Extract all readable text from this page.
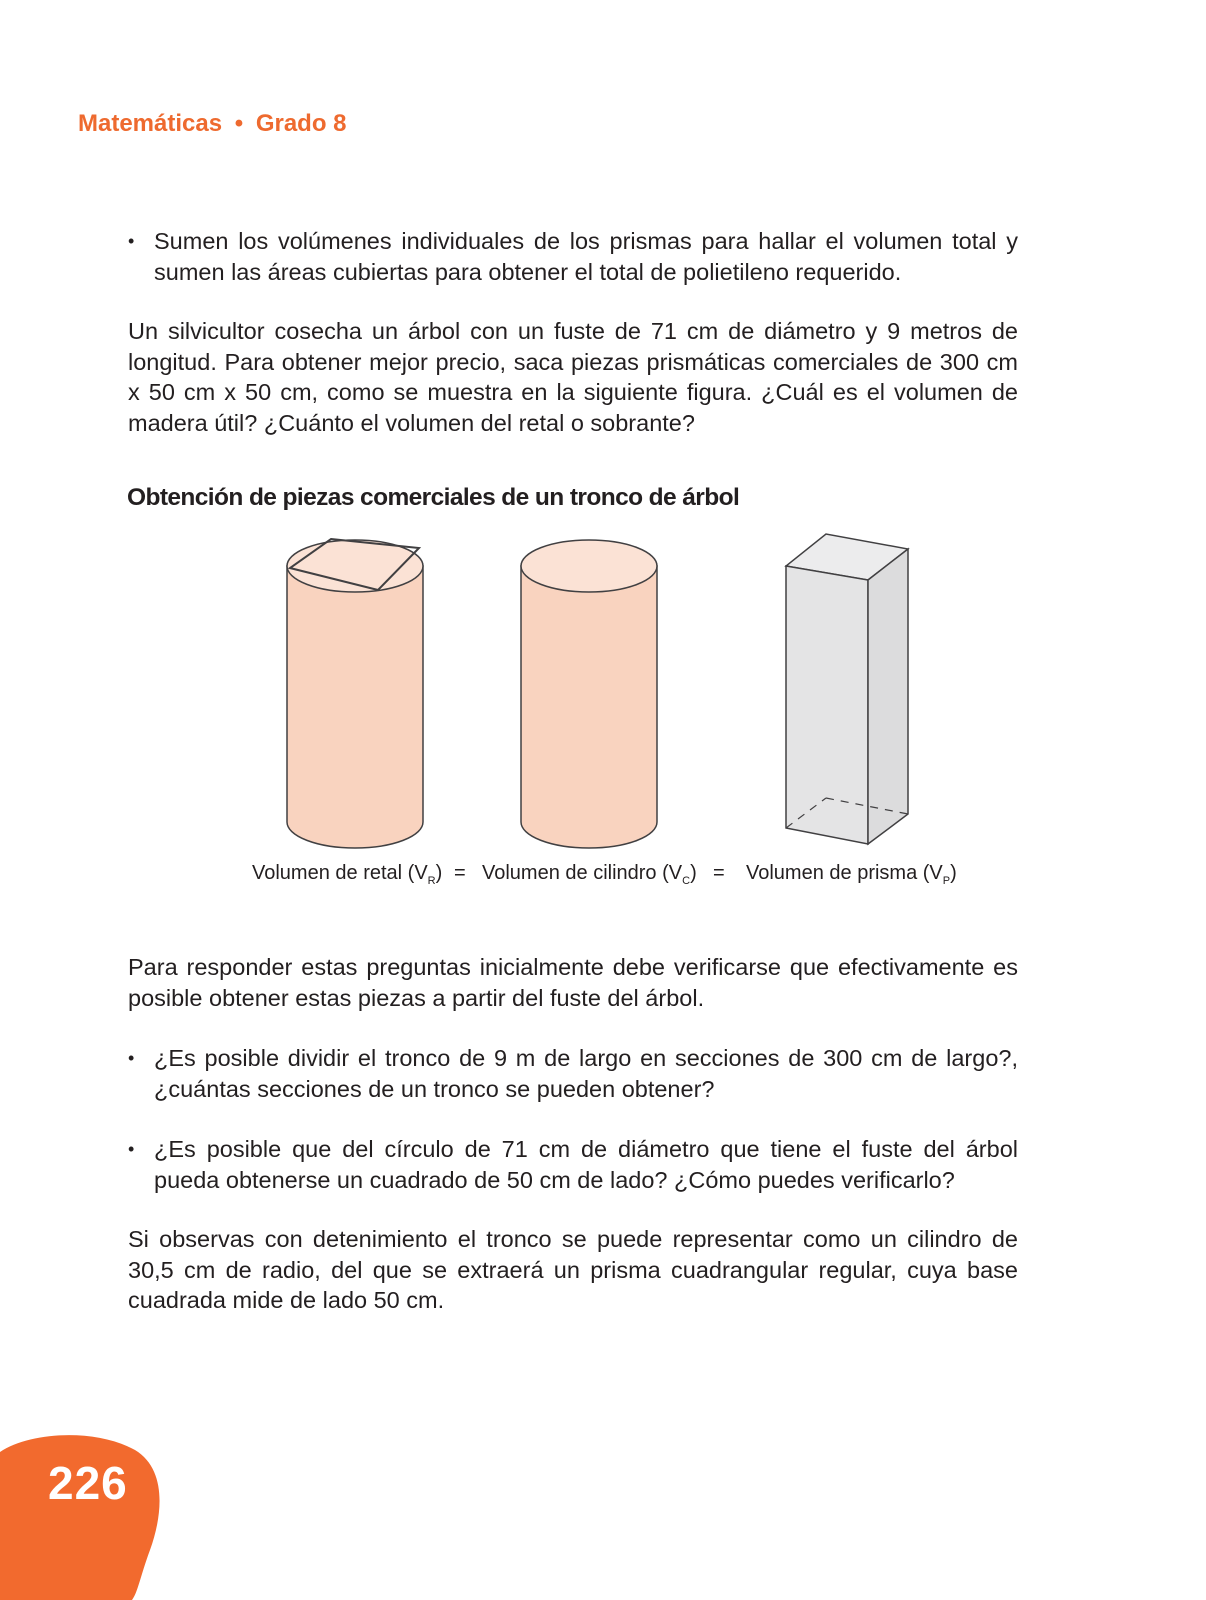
Matemáticas • Grado 8
• Sumen los volúmenes individuales de los prismas para hallar el volumen total y sumen las áreas cubiertas para obtener el total de polietileno requerido.
Un silvicultor cosecha un árbol con un fuste de 71 cm de diámetro y 9 metros de longitud. Para obtener mejor precio, saca piezas prismáticas comerciales de 300 cm x 50 cm x 50 cm, como se muestra en la siguiente figura. ¿Cuál es el volumen de madera útil? ¿Cuánto el volumen del retal o sobrante?
Obtención de piezas comerciales de un tronco de árbol
Volumen de retal $(V_R)$ = Volumen de cilindro $(V_C)$ = Volumen de prisma $(V_P)$
Para responder estas preguntas inicialmente debe verificarse que efectivamente es posible obtener estas piezas a partir del fuste del árbol.
• ¿Es posible dividir el tronco de 9 m de largo en secciones de 300 cm de largo?, ¿cuántas secciones de un tronco se pueden obtener?
• ¿Es posible que del círculo de 71 cm de diámetro que tiene el fuste del árbol pueda obtenerse un cuadrado de 50 cm de lado? ¿Cómo puedes verificarlo?
Si observas con detenimiento el tronco se puede representar como un cilindro de 30,5 cm de radio, del que se extraerá un prisma cuadrangular regular, cuya base cuadrada mide de lado 50 cm.
226
